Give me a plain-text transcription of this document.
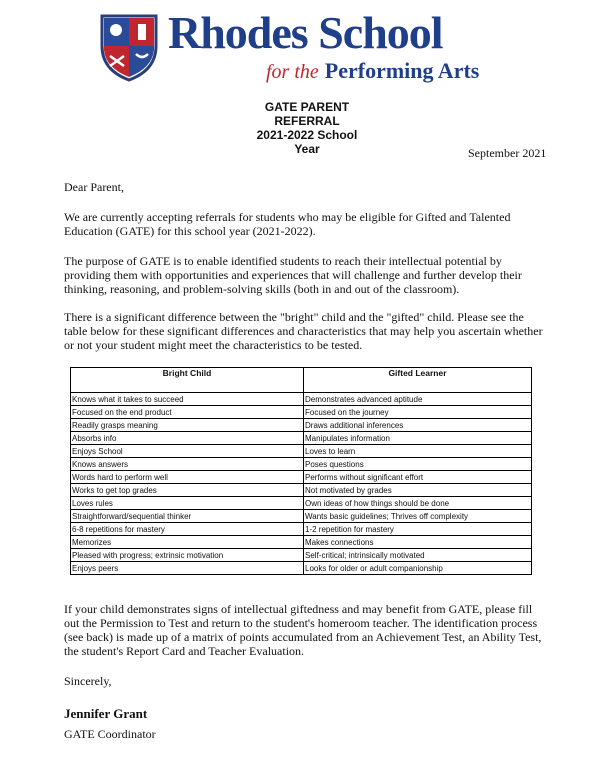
Rhodes School
for the Performing Arts
GATE PARENT
REFERRAL
2021-2022 School
Year	September 2021

Dear Parent,

We are currently accepting referrals for students who may be eligible for Gifted and Talented Education (GATE) for this school year (2021-2022).

The purpose of GATE is to enable identified students to reach their intellectual potential by providing them with opportunities and experiences that will challenge and further develop their thinking, reasoning, and problem-solving skills (both in and out of the classroom).

There is a significant difference between the "bright" child and the "gifted" child. Please see the table below for these significant differences and characteristics that may help you ascertain whether or not your student might meet the characteristics to be tested.

Bright Child	Gifted Learner
Knows what it takes to succeed	Demonstrates advanced aptitude
Focused on the end product	Focused on the journey
Readily grasps meaning	Draws additional inferences
Absorbs info	Manipulates information
Enjoys School	Loves to learn
Knows answers	Poses questions
Words hard to perform well	Performs without significant effort
Works to get top grades	Not motivated by grades
Loves rules	Own ideas of how things should be done
Straightforward/sequential thinker	Wants basic guidelines; Thrives off complexity
6-8 repetitions for mastery	1-2 repetition for mastery
Memorizes	Makes connections
Pleased with progress; extrinsic motivation	Self-critical; intrinsically motivated
Enjoys peers	Looks for older or adult companionship

If your child demonstrates signs of intellectual giftedness and may benefit from GATE, please fill out the Permission to Test and return to the student's homeroom teacher. The identification process (see back) is made up of a matrix of points accumulated from an Achievement Test, an Ability Test, the student's Report Card and Teacher Evaluation.

Sincerely,

Jennifer Grant
GATE Coordinator
